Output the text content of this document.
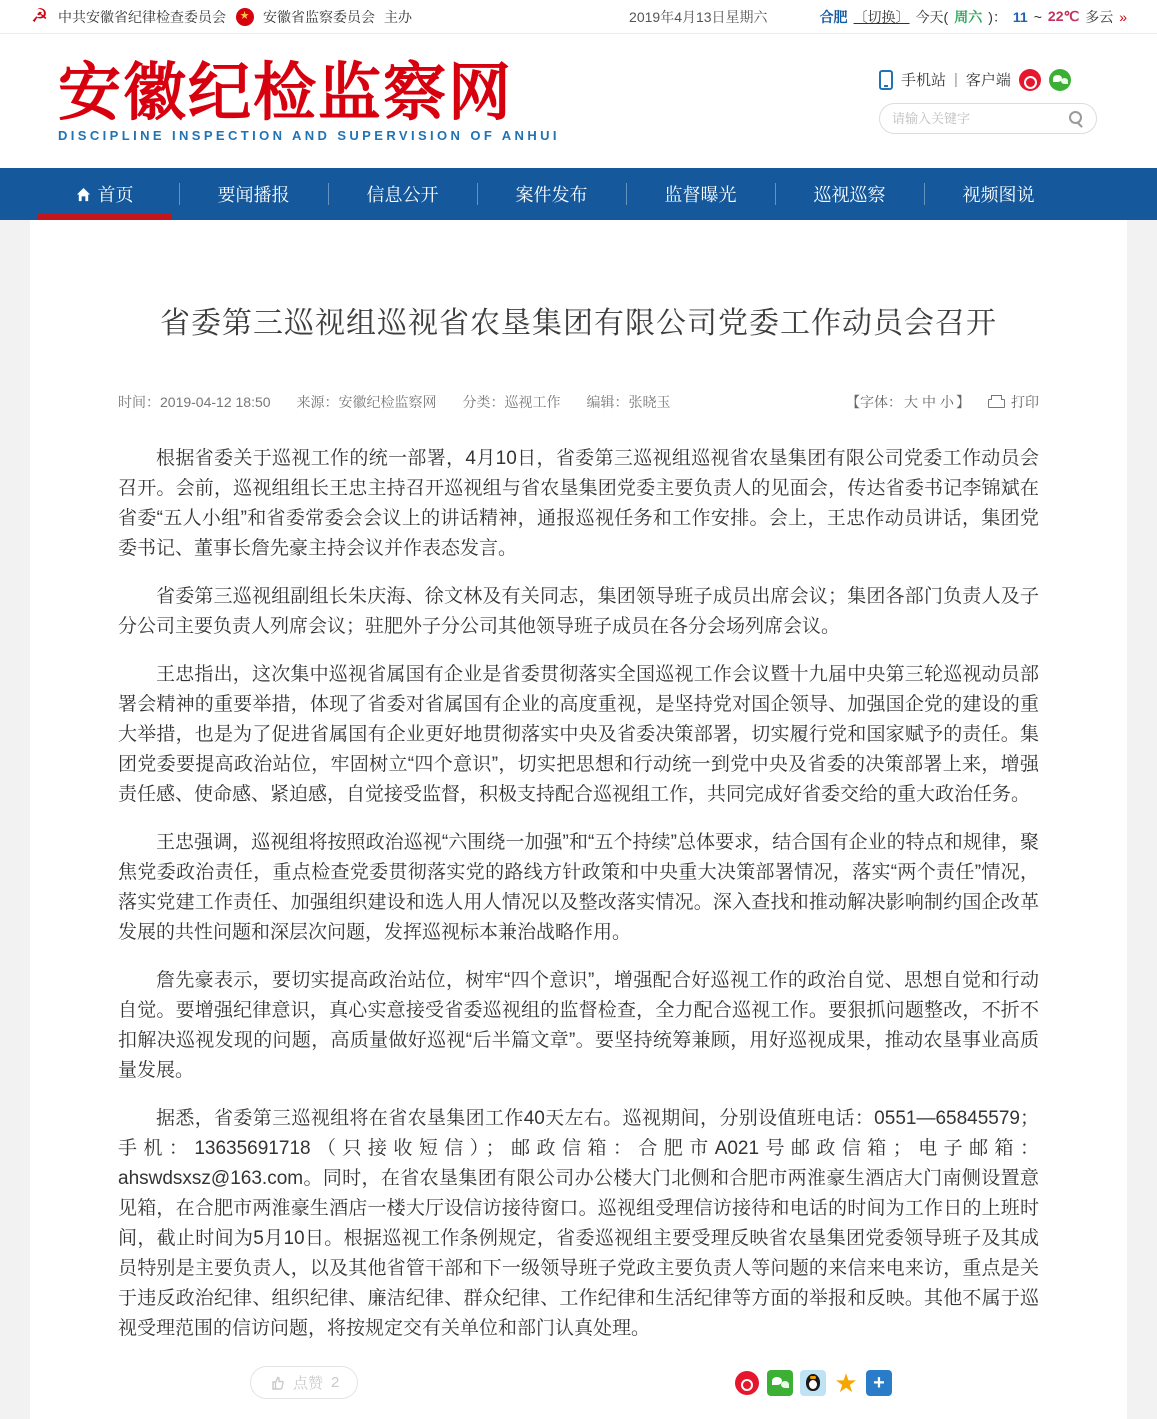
☭ 中共安徽省纪律检查委员会	★ 安徽省监察委员会 主办	2019年4月13日星期六	合肥 〔切换〕 今天( 周六 )： 11 ~ 22℃ 多云 »
安徽纪检监察网
DISCIPLINE INSPECTION AND SUPERVISION OF ANHUI
手机站 | 客户端
请输入关键字
首页	要闻播报	信息公开	案件发布	监督曝光	巡视巡察	视频图说
省委第三巡视组巡视省农垦集团有限公司党委工作动员会召开
时间：2019-04-12 18:50 来源：安徽纪检监察网 分类：巡视工作 编辑：张晓玉	【字体： 大 中 小 】	打印

根据省委关于巡视工作的统一部署，4月10日，省委第三巡视组巡视省农垦集团有限公司党委工作动员会召开。会前，巡视组组长王忠主持召开巡视组与省农垦集团党委主要负责人的见面会，传达省委书记李锦斌在省委“五人小组”和省委常委会会议上的讲话精神，通报巡视任务和工作安排。会上，王忠作动员讲话，集团党委书记、董事长詹先豪主持会议并作表态发言。

省委第三巡视组副组长朱庆海、徐文林及有关同志，集团领导班子成员出席会议；集团各部门负责人及子分公司主要负责人列席会议；驻肥外子分公司其他领导班子成员在各分会场列席会议。

王忠指出，这次集中巡视省属国有企业是省委贯彻落实全国巡视工作会议暨十九届中央第三轮巡视动员部署会精神的重要举措，体现了省委对省属国有企业的高度重视，是坚持党对国企领导、加强国企党的建设的重大举措，也是为了促进省属国有企业更好地贯彻落实中央及省委决策部署，切实履行党和国家赋予的责任。集团党委要提高政治站位，牢固树立“四个意识”，切实把思想和行动统一到党中央及省委的决策部署上来，增强责任感、使命感、紧迫感，自觉接受监督，积极支持配合巡视组工作，共同完成好省委交给的重大政治任务。

王忠强调，巡视组将按照政治巡视“六围绕一加强”和“五个持续”总体要求，结合国有企业的特点和规律，聚焦党委政治责任，重点检查党委贯彻落实党的路线方针政策和中央重大决策部署情况，落实“两个责任”情况，落实党建工作责任、加强组织建设和选人用人情况以及整改落实情况。深入查找和推动解决影响制约国企改革发展的共性问题和深层次问题，发挥巡视标本兼治战略作用。

詹先豪表示，要切实提高政治站位，树牢“四个意识”，增强配合好巡视工作的政治自觉、思想自觉和行动自觉。要增强纪律意识，真心实意接受省委巡视组的监督检查，全力配合巡视工作。要狠抓问题整改，不折不扣解决巡视发现的问题，高质量做好巡视“后半篇文章”。要坚持统筹兼顾，用好巡视成果，推动农垦事业高质量发展。

据悉，省委第三巡视组将在省农垦集团工作40天左右。巡视期间，分别设值班电话：0551—65845579；手机：13635691718（只接收短信）；邮政信箱：合肥市A021号邮政信箱；电子邮箱：ahswdsxsz@163.com。同时，在省农垦集团有限公司办公楼大门北侧和合肥市两淮豪生酒店大门南侧设置意见箱，在合肥市两淮豪生酒店一楼大厅设信访接待窗口。巡视组受理信访接待和电话的时间为工作日的上班时间，截止时间为5月10日。根据巡视工作条例规定，省委巡视组主要受理反映省农垦集团党委领导班子及其成员特别是主要负责人，以及其他省管干部和下一级领导班子党政主要负责人等问题的来信来电来访，重点是关于违反政治纪律、组织纪律、廉洁纪律、群众纪律、工作纪律和生活纪律等方面的举报和反映。其他不属于巡视受理范围的信访问题，将按规定交有关单位和部门认真处理。

点赞 2	★ +
